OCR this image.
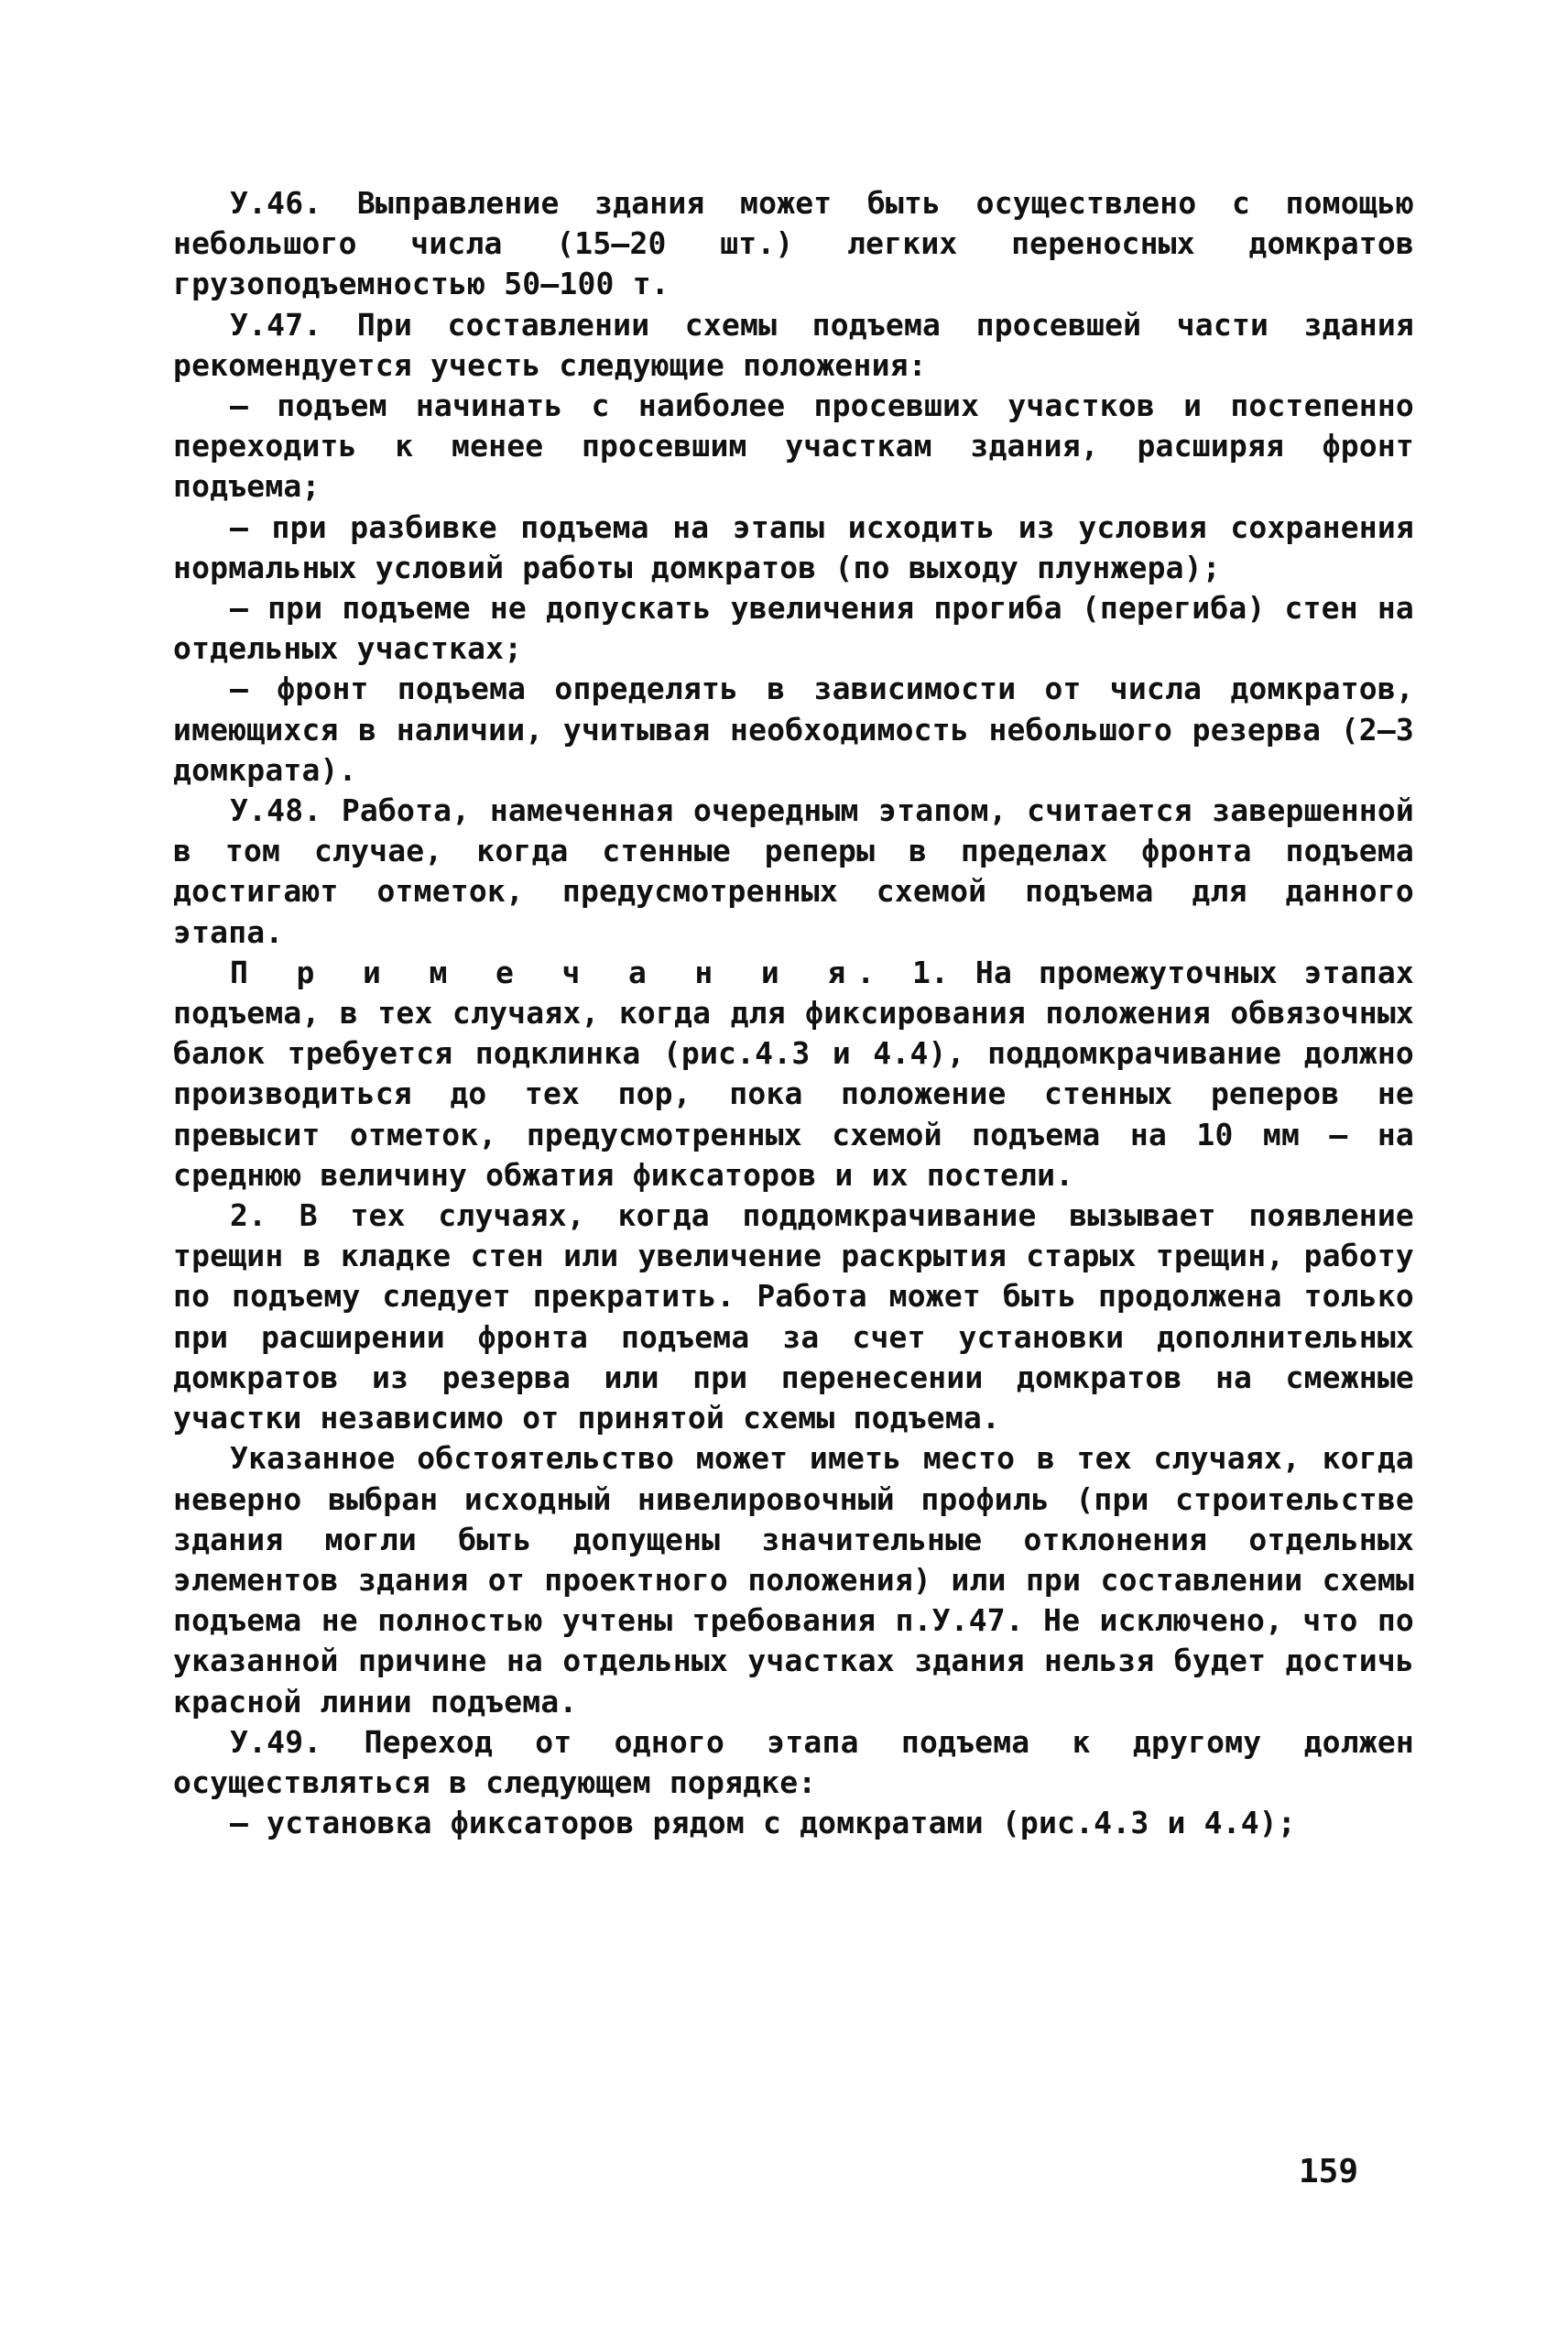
У.46. Выправление здания может быть осуществлено с помощью небольшого числа (15–20 шт.) легких переносных домкратов грузоподъемностью 50–100 т.

У.47. При составлении схемы подъема просевшей части здания рекомендуется учесть следующие положения:

– подъем начинать с наиболее просевших участков и постепенно переходить к менее просевшим участкам здания, расширяя фронт подъема;

– при разбивке подъема на этапы исходить из условия сохранения нормальных условий работы домкратов (по выходу плунжера);

– при подъеме не допускать увеличения прогиба (перегиба) стен на отдельных участках;

– фронт подъема определять в зависимости от числа домкратов, имеющихся в наличии, учитывая необходимость небольшого резерва (2–3 домкрата).

У.48. Работа, намеченная очередным этапом, считается завершенной в том случае, когда стенные реперы в пределах фронта подъема достигают отметок, предусмотренных схемой подъема для данного этапа.

П р и м е ч а н и я. 1. На промежуточных этапах подъема, в тех случаях, когда для фиксирования положения обвязочных балок требуется подклинка (рис.4.3 и 4.4), поддомкрачивание должно производиться до тех пор, пока положение стенных реперов не превысит отметок, предусмотренных схемой подъема на 10 мм – на среднюю величину обжатия фиксаторов и их постели.

2. В тех случаях, когда поддомкрачивание вызывает появление трещин в кладке стен или увеличение раскрытия старых трещин, работу по подъему следует прекратить. Работа может быть продолжена только при расширении фронта подъема за счет установки дополнительных домкратов из резерва или при перенесении домкратов на смежные участки независимо от принятой схемы подъема.

Указанное обстоятельство может иметь место в тех случаях, когда неверно выбран исходный нивелировочный профиль (при строительстве здания могли быть допущены значительные отклонения отдельных элементов здания от проектного положения) или при составлении схемы подъема не полностью учтены требования п.У.47. Не исключено, что по указанной причине на отдельных участках здания нельзя будет достичь красной линии подъема.

У.49. Переход от одного этапа подъема к другому должен осуществляться в следующем порядке:

– установка фиксаторов рядом с домкратами (рис.4.3 и 4.4);

159
